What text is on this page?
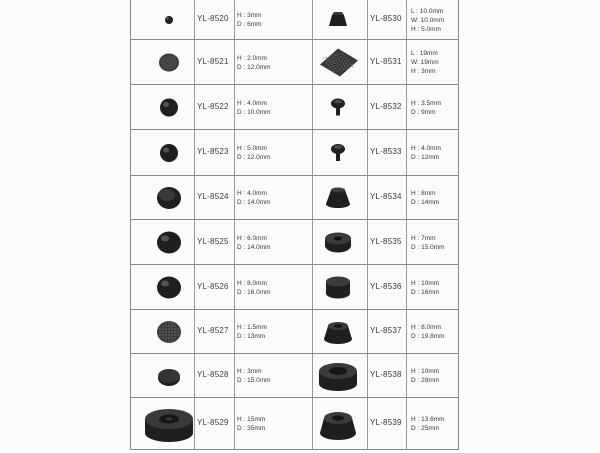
YL-8520 H : 3mm
D : 6mm
YL-8530
L : 10.0mm
W: 10.0mm
H : 5.0mm
YL-8521 H : 2.0mm
D : 12.0mm
YL-8531
L : 19mm
W: 19mm
H : 3mm
YL-8522 H : 4.0mm
D : 10.0mm
YL-8532 H : 3.5mm
D : 9mm
YL-8523 H : 5.0mm
D : 12.0mm
YL-8533 H : 4.0mm
D : 12mm
YL-8524 H : 4.0mm
D : 14.0mm
YL-8534 H : 8mm
D : 14mm
YL-8525 H : 6.0mm
D : 14.0mm
YL-8535 H : 7mm
D : 15.0mm
YL-8526 H : 8.0mm
D : 16.0mm
YL-8536 H : 10mm
D : 16mm
YL-8527 H : 1.5mm
D : 13mm
YL-8537 H : 8.0mm
D : 19.8mm
YL-8528 H : 3mm
D : 15.0mm
YL-8538 H : 10mm
D : 28mm
YL-8529 H : 15mm
D : 35mm
YL-8539 H : 13.6mm
D : 25mm
